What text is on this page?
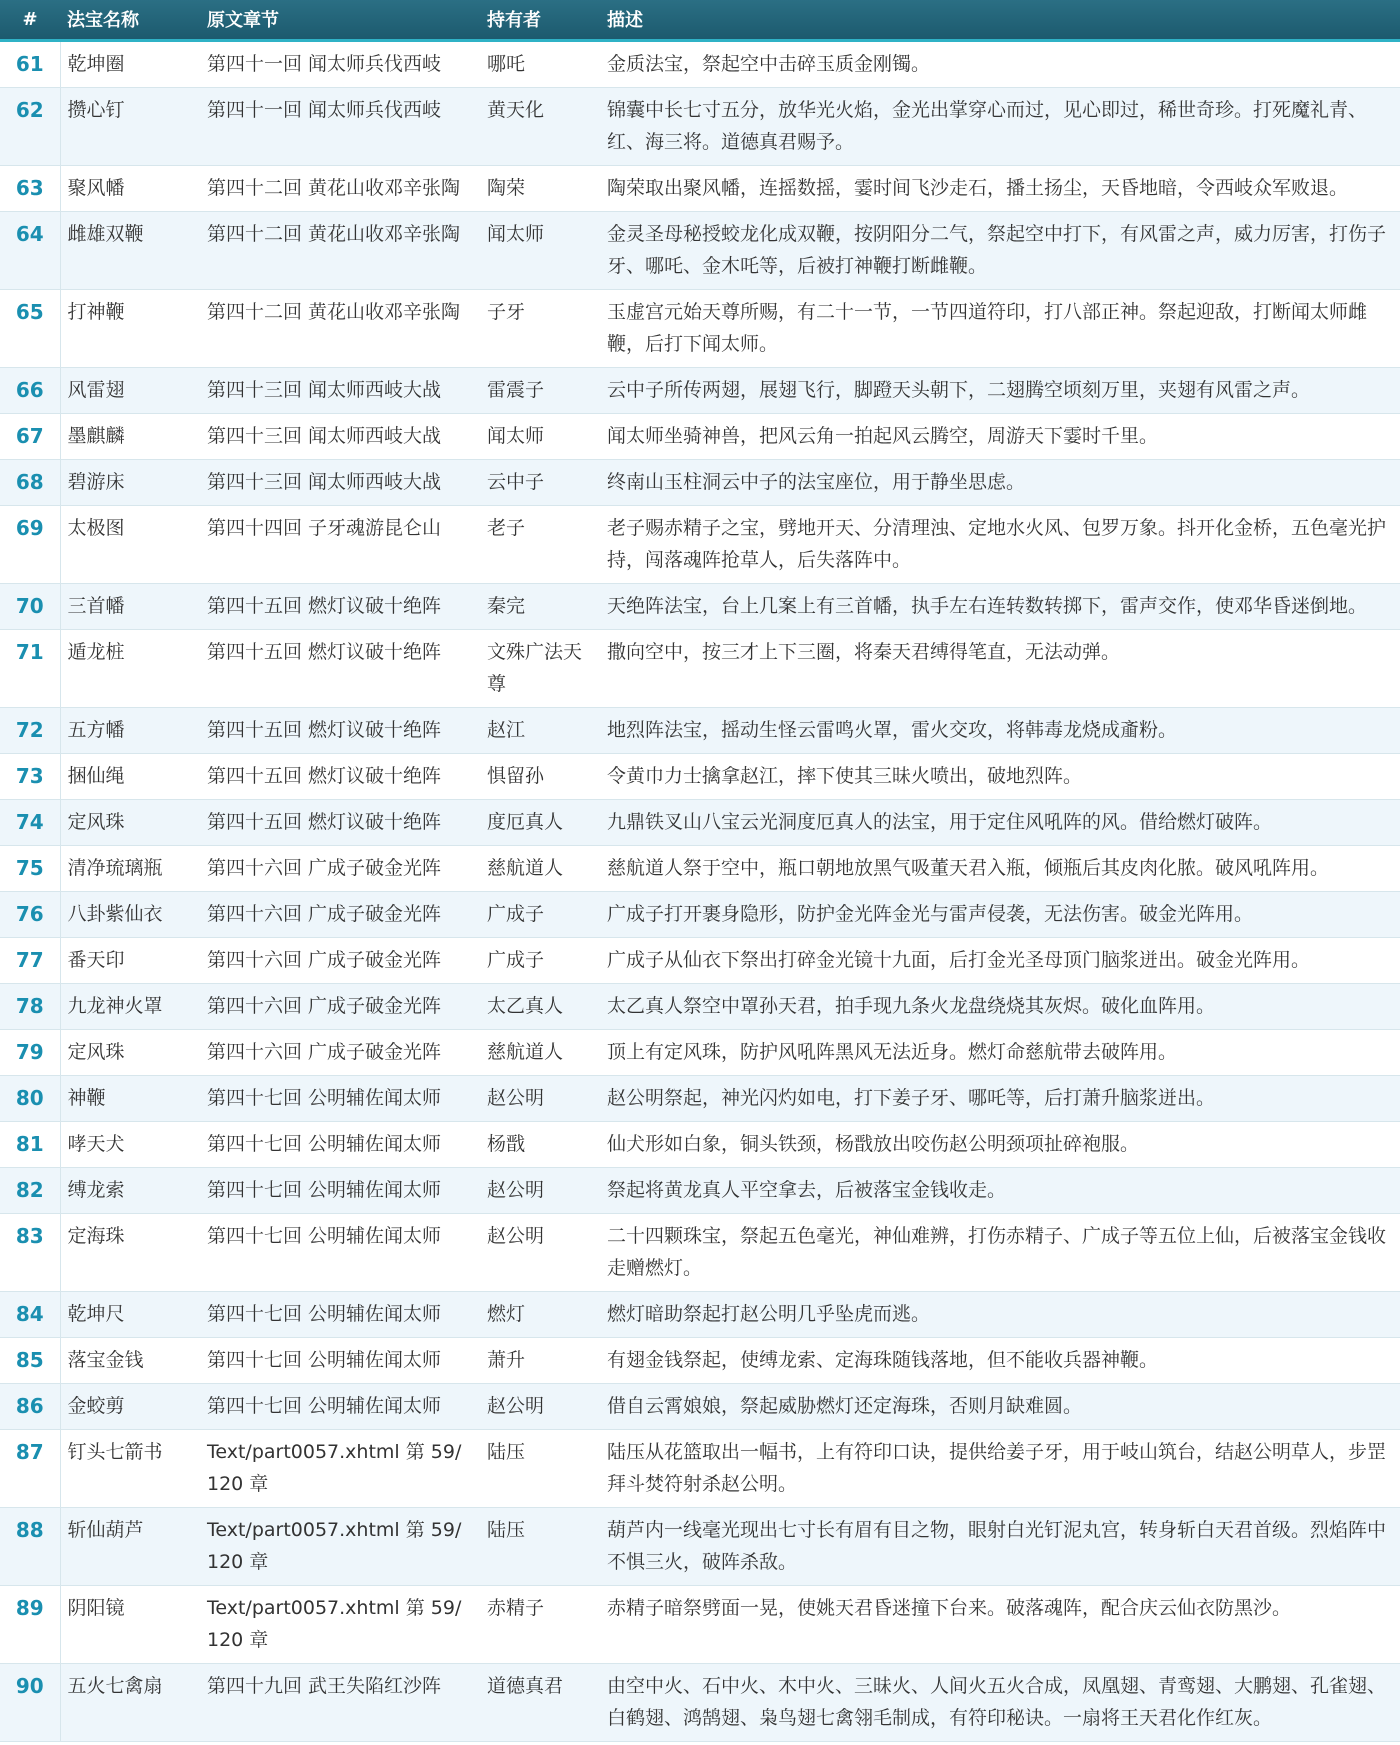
#	法宝名称	原文章节	持有者	描述
61	乾坤圈	第四十一回 闻太师兵伐西岐	哪吒	金质法宝，祭起空中击碎玉质金刚镯。
62	攒心钉	第四十一回 闻太师兵伐西岐	黄天化	锦囊中长七寸五分，放华光火焰，金光出掌穿心而过，见心即过，稀世奇珍。打死魔礼青、红、海三将。道德真君赐予。
63	聚风幡	第四十二回 黄花山收邓辛张陶	陶荣	陶荣取出聚风幡，连摇数摇，霎时间飞沙走石，播土扬尘，天昏地暗，令西岐众军败退。
64	雌雄双鞭	第四十二回 黄花山收邓辛张陶	闻太师	金灵圣母秘授蛟龙化成双鞭，按阴阳分二气，祭起空中打下，有风雷之声，威力厉害，打伤子牙、哪吒、金木吒等，后被打神鞭打断雌鞭。
65	打神鞭	第四十二回 黄花山收邓辛张陶	子牙	玉虚宫元始天尊所赐，有二十一节，一节四道符印，打八部正神。祭起迎敌，打断闻太师雌鞭，后打下闻太师。
66	风雷翅	第四十三回 闻太师西岐大战	雷震子	云中子所传两翅，展翅飞行，脚蹬天头朝下，二翅腾空顷刻万里，夹翅有风雷之声。
67	墨麒麟	第四十三回 闻太师西岐大战	闻太师	闻太师坐骑神兽，把风云角一拍起风云腾空，周游天下霎时千里。
68	碧游床	第四十三回 闻太师西岐大战	云中子	终南山玉柱洞云中子的法宝座位，用于静坐思虑。
69	太极图	第四十四回 子牙魂游昆仑山	老子	老子赐赤精子之宝，劈地开天、分清理浊、定地水火风、包罗万象。抖开化金桥，五色毫光护持，闯落魂阵抢草人，后失落阵中。
70	三首幡	第四十五回 燃灯议破十绝阵	秦完	天绝阵法宝，台上几案上有三首幡，执手左右连转数转掷下，雷声交作，使邓华昏迷倒地。
71	遁龙桩	第四十五回 燃灯议破十绝阵	文殊广法天尊	撒向空中，按三才上下三圈，将秦天君缚得笔直，无法动弹。
72	五方幡	第四十五回 燃灯议破十绝阵	赵江	地烈阵法宝，摇动生怪云雷鸣火罩，雷火交攻，将韩毒龙烧成齑粉。
73	捆仙绳	第四十五回 燃灯议破十绝阵	惧留孙	令黄巾力士擒拿赵江，摔下使其三昧火喷出，破地烈阵。
74	定风珠	第四十五回 燃灯议破十绝阵	度厄真人	九鼎铁叉山八宝云光洞度厄真人的法宝，用于定住风吼阵的风。借给燃灯破阵。
75	清净琉璃瓶	第四十六回 广成子破金光阵	慈航道人	慈航道人祭于空中，瓶口朝地放黑气吸董天君入瓶，倾瓶后其皮肉化脓。破风吼阵用。
76	八卦紫仙衣	第四十六回 广成子破金光阵	广成子	广成子打开裹身隐形，防护金光阵金光与雷声侵袭，无法伤害。破金光阵用。
77	番天印	第四十六回 广成子破金光阵	广成子	广成子从仙衣下祭出打碎金光镜十九面，后打金光圣母顶门脑浆迸出。破金光阵用。
78	九龙神火罩	第四十六回 广成子破金光阵	太乙真人	太乙真人祭空中罩孙天君，拍手现九条火龙盘绕烧其灰烬。破化血阵用。
79	定风珠	第四十六回 广成子破金光阵	慈航道人	顶上有定风珠，防护风吼阵黑风无法近身。燃灯命慈航带去破阵用。
80	神鞭	第四十七回 公明辅佐闻太师	赵公明	赵公明祭起，神光闪灼如电，打下姜子牙、哪吒等，后打萧升脑浆迸出。
81	哮天犬	第四十七回 公明辅佐闻太师	杨戬	仙犬形如白象，铜头铁颈，杨戬放出咬伤赵公明颈项扯碎袍服。
82	缚龙索	第四十七回 公明辅佐闻太师	赵公明	祭起将黄龙真人平空拿去，后被落宝金钱收走。
83	定海珠	第四十七回 公明辅佐闻太师	赵公明	二十四颗珠宝，祭起五色毫光，神仙难辨，打伤赤精子、广成子等五位上仙，后被落宝金钱收走赠燃灯。
84	乾坤尺	第四十七回 公明辅佐闻太师	燃灯	燃灯暗助祭起打赵公明几乎坠虎而逃。
85	落宝金钱	第四十七回 公明辅佐闻太师	萧升	有翅金钱祭起，使缚龙索、定海珠随钱落地，但不能收兵器神鞭。
86	金蛟剪	第四十七回 公明辅佐闻太师	赵公明	借自云霄娘娘，祭起威胁燃灯还定海珠，否则月缺难圆。
87	钉头七箭书	Text/part0057.xhtml 第 59/120 章	陆压	陆压从花篮取出一幅书，上有符印口诀，提供给姜子牙，用于岐山筑台，结赵公明草人，步罡拜斗焚符射杀赵公明。
88	斩仙葫芦	Text/part0057.xhtml 第 59/120 章	陆压	葫芦内一线毫光现出七寸长有眉有目之物，眼射白光钉泥丸宫，转身斩白天君首级。烈焰阵中不惧三火，破阵杀敌。
89	阴阳镜	Text/part0057.xhtml 第 59/120 章	赤精子	赤精子暗祭劈面一晃，使姚天君昏迷撞下台来。破落魂阵，配合庆云仙衣防黑沙。
90	五火七禽扇	第四十九回 武王失陷红沙阵	道德真君	由空中火、石中火、木中火、三昧火、人间火五火合成，凤凰翅、青鸾翅、大鹏翅、孔雀翅、白鹤翅、鸿鹄翅、枭鸟翅七禽翎毛制成，有符印秘诀。一扇将王天君化作红灰。
